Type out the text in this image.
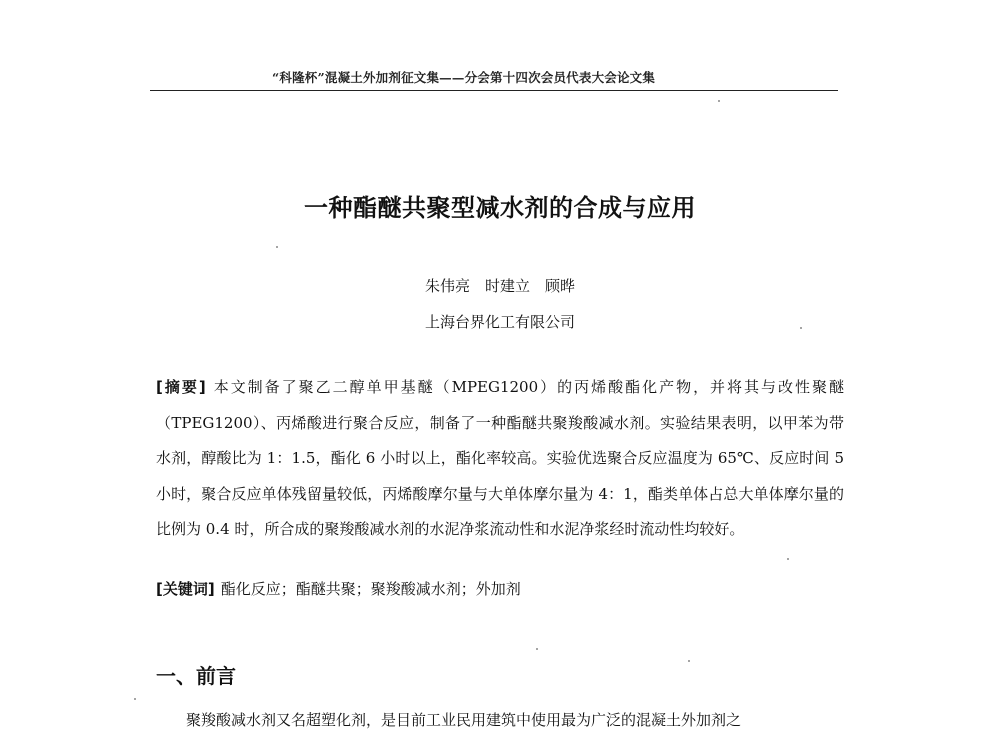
“科隆杯”混凝土外加剂征文集——分会第十四次会员代表大会论文集
一种酯醚共聚型减水剂的合成与应用
朱伟亮　时建立　顾晔
上海台界化工有限公司
[摘要] 本文制备了聚乙二醇单甲基醚（MPEG1200）的丙烯酸酯化产物，并将其与改性聚醚（TPEG1200）、丙烯酸进行聚合反应，制备了一种酯醚共聚羧酸减水剂。实验结果表明，以甲苯为带水剂，醇酸比为 1：1.5，酯化 6 小时以上，酯化率较高。实验优选聚合反应温度为 65℃、反应时间 5 小时，聚合反应单体残留量较低，丙烯酸摩尔量与大单体摩尔量为 4：1，酯类单体占总大单体摩尔量的比例为 0.4 时，所合成的聚羧酸减水剂的水泥净浆流动性和水泥净浆经时流动性均较好。
[关键词] 酯化反应；酯醚共聚；聚羧酸减水剂；外加剂
一、前言
聚羧酸减水剂又名超塑化剂，是目前工业民用建筑中使用最为广泛的混凝土外加剂之
